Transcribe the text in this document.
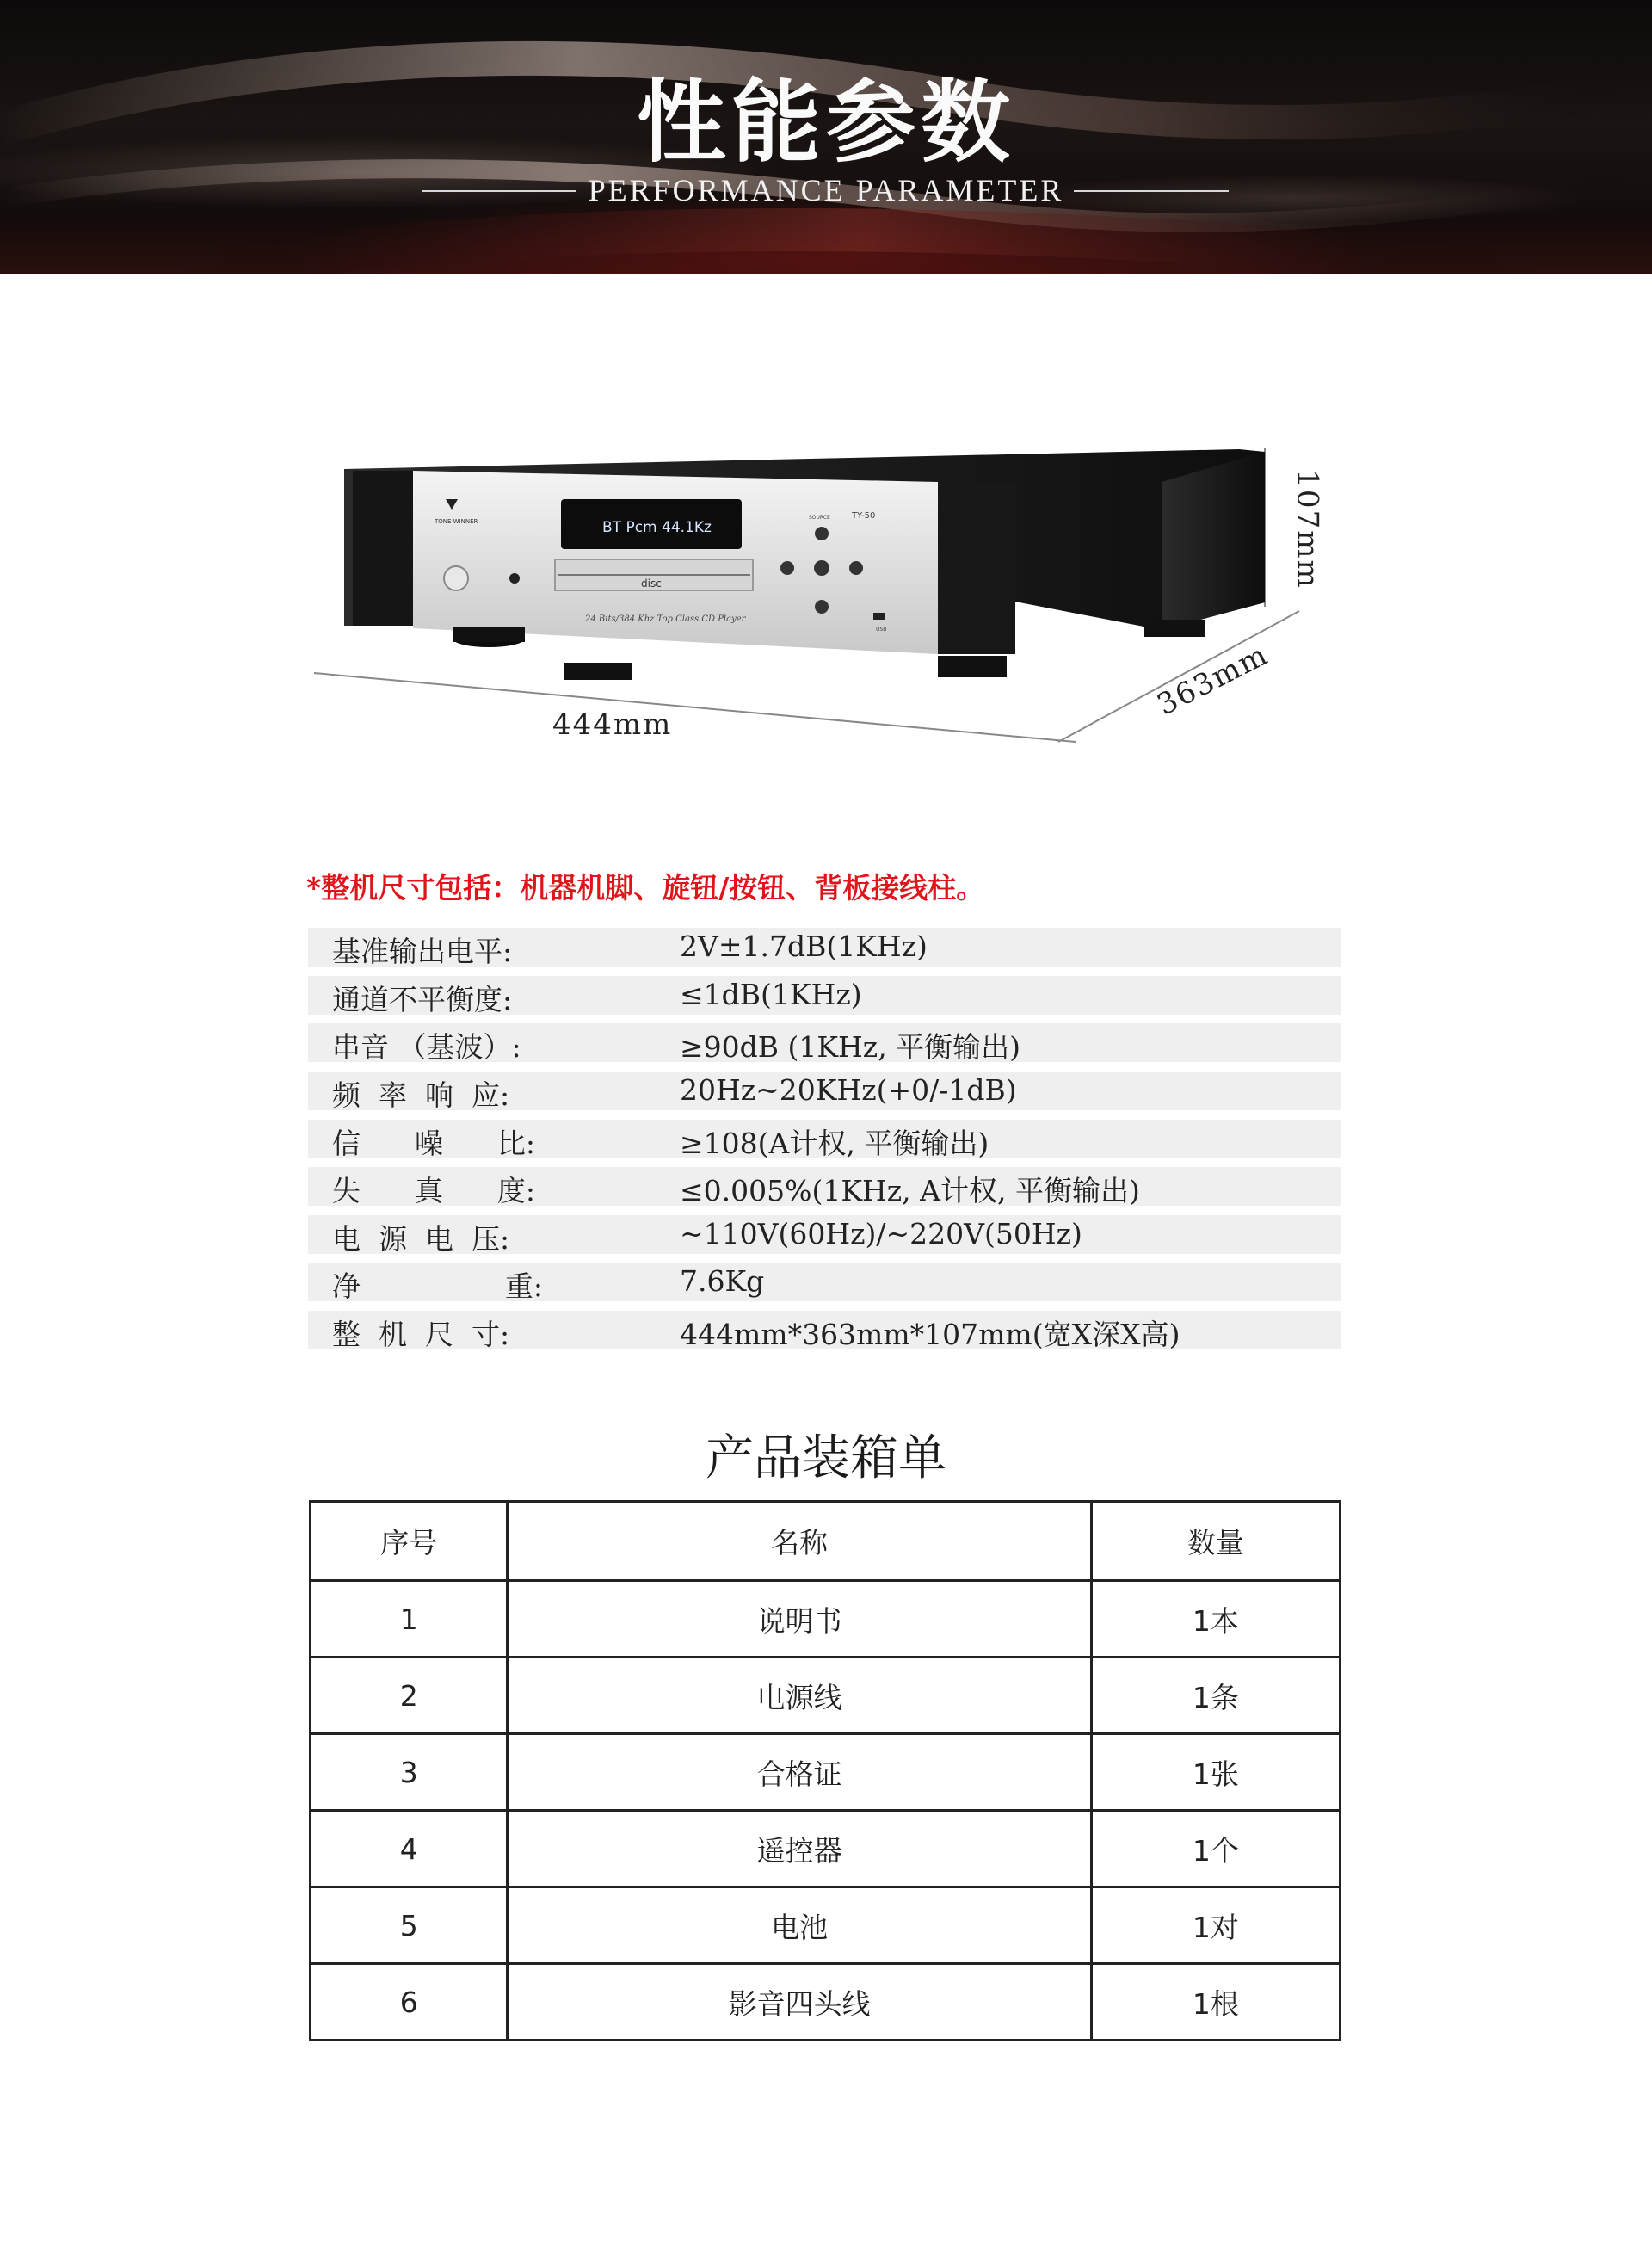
性能参数
PERFORMANCE PARAMETER
BT Pcm 44.1Kz
disc
TONE WINNER
TY-50
SOURCE
USB
24 Bits/384 Khz Top Class CD Player
444mm
363mm
107mm
*整机尺寸包括：机器机脚、旋钮/按钮、背板接线柱。
基准输出电平:	2V±1.7dB(1KHz)
通道不平衡度:	≤1dB(1KHz)
串音 （基波）:	≥90dB (1KHz, 平衡输出)
频  率  响  应:	20Hz~20KHz(+0/-1dB)
信      噪      比:	≥108(A计权, 平衡输出)
失      真      度:	≤0.005%(1KHz, A计权, 平衡输出)
电  源  电  压:	~110V(60Hz)/~220V(50Hz)
净                重:	7.6Kg
整  机  尺  寸:	444mm*363mm*107mm(宽X深X高)
产品装箱单
序号	名称	数量
1	说明书	1本
2	电源线	1条
3	合格证	1张
4	遥控器	1个
5	电池	1对
6	影音四头线	1根
